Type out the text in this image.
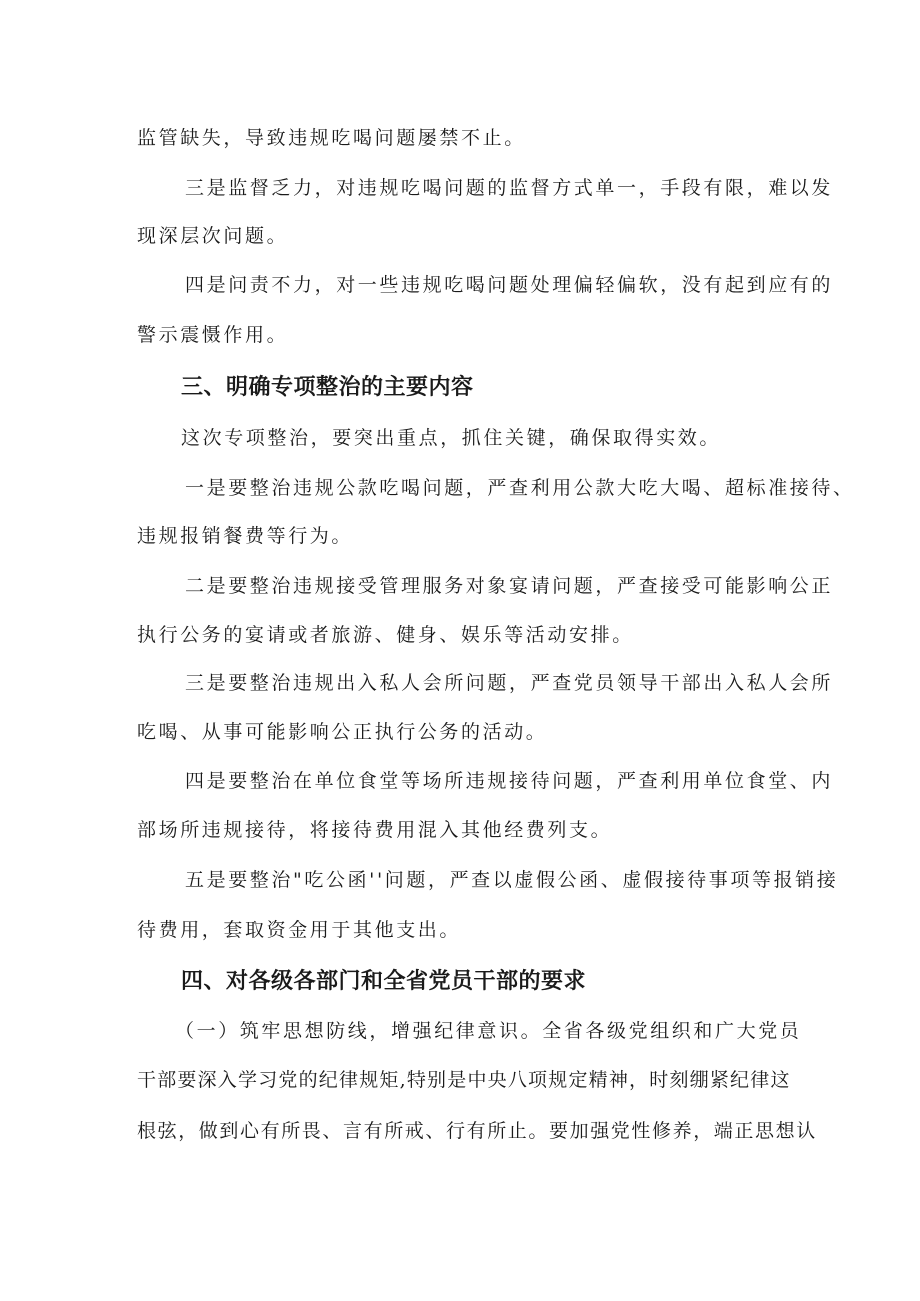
监管缺失，导致违规吃喝问题屡禁不止。

三是监督乏力，对违规吃喝问题的监督方式单一，手段有限，难以发

现深层次问题。

四是问责不力，对一些违规吃喝问题处理偏轻偏软，没有起到应有的

警示震慑作用。

三、明确专项整治的主要内容

这次专项整治，要突出重点，抓住关键，确保取得实效。

一是要整治违规公款吃喝问题，严查利用公款大吃大喝、超标准接待、

违规报销餐费等行为。

二是要整治违规接受管理服务对象宴请问题，严查接受可能影响公正

执行公务的宴请或者旅游、健身、娱乐等活动安排。

三是要整治违规出入私人会所问题，严查党员领导干部出入私人会所

吃喝、从事可能影响公正执行公务的活动。

四是要整治在单位食堂等场所违规接待问题，严查利用单位食堂、内

部场所违规接待，将接待费用混入其他经费列支。

五是要整治"吃公函''问题，严查以虚假公函、虚假接待事项等报销接

待费用，套取资金用于其他支出。

四、对各级各部门和全省党员干部的要求

（一）筑牢思想防线，增强纪律意识。全省各级党组织和广大党员

干部要深入学习党的纪律规矩,特别是中央八项规定精神，时刻绷紧纪律这

根弦，做到心有所畏、言有所戒、行有所止。要加强党性修养，端正思想认
